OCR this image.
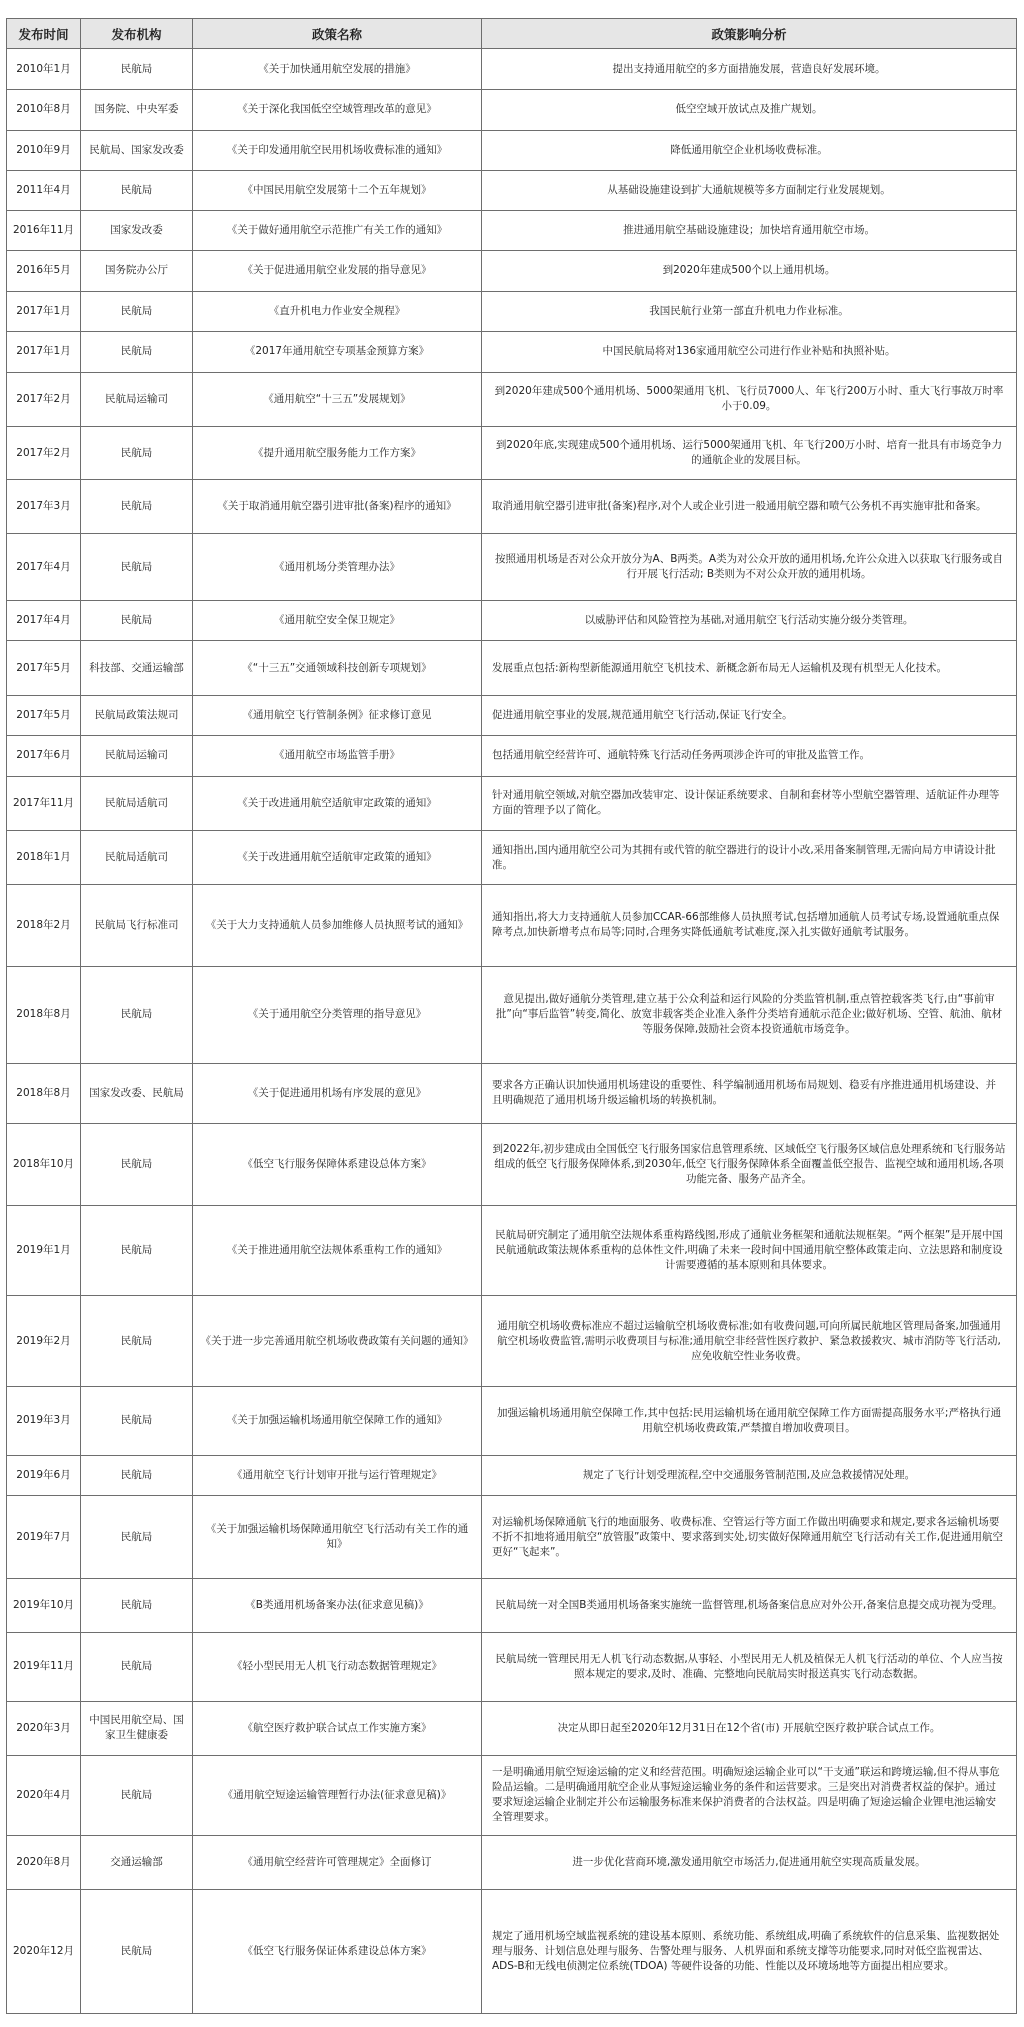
发布时间	发布机构	政策名称	政策影响分析
2010年1月	民航局	《关于加快通用航空发展的措施》	提出支持通用航空的多方面措施发展，营造良好发展环境。
2010年8月	国务院、中央军委	《关于深化我国低空空域管理改革的意见》	低空空域开放试点及推广规划。
2010年9月	民航局、国家发改委	《关于印发通用航空民用机场收费标准的通知》	降低通用航空企业机场收费标准。
2011年4月	民航局	《中国民用航空发展第十二个五年规划》	从基础设施建设到扩大通航规模等多方面制定行业发展规划。
2016年11月	国家发改委	《关于做好通用航空示范推广有关工作的通知》	推进通用航空基础设施建设；加快培育通用航空市场。
2016年5月	国务院办公厅	《关于促进通用航空业发展的指导意见》	到2020年建成500个以上通用机场。
2017年1月	民航局	《直升机电力作业安全规程》	我国民航行业第一部直升机电力作业标准。
2017年1月	民航局	《2017年通用航空专项基金预算方案》	中国民航局将对136家通用航空公司进行作业补贴和执照补贴。
2017年2月	民航局运输司	《通用航空“十三五”发展规划》	到2020年建成500个通用机场、5000架通用飞机、飞行员7000人、年飞行200万小时、重大飞行事故万时率小于0.09。
2017年2月	民航局	《提升通用航空服务能力工作方案》	到2020年底,实现建成500个通用机场、运行5000架通用飞机、年飞行200万小时、培育一批具有市场竞争力的通航企业的发展目标。
2017年3月	民航局	《关于取消通用航空器引进审批(备案)程序的通知》	取消通用航空器引进审批(备案)程序,对个人或企业引进一般通用航空器和喷气公务机不再实施审批和备案。
2017年4月	民航局	《通用机场分类管理办法》	按照通用机场是否对公众开放分为A、B两类。A类为对公众开放的通用机场,允许公众进入以获取飞行服务或自行开展飞行活动; B类则为不对公众开放的通用机场。
2017年4月	民航局	《通用航空安全保卫规定》	以威胁评估和风险管控为基础,对通用航空飞行活动实施分级分类管理。
2017年5月	科技部、交通运输部	《“十三五”交通领域科技创新专项规划》	发展重点包括:新构型新能源通用航空飞机技术、新概念新布局无人运输机及现有机型无人化技术。
2017年5月	民航局政策法规司	《通用航空飞行管制条例》征求修订意见	促进通用航空事业的发展,规范通用航空飞行活动,保证飞行安全。
2017年6月	民航局运输司	《通用航空市场监管手册》	包括通用航空经营许可、通航特殊飞行活动任务两项涉企许可的审批及监管工作。
2017年11月	民航局适航司	《关于改进通用航空适航审定政策的通知》	针对通用航空领域,对航空器加改装审定、设计保证系统要求、自制和套材等小型航空器管理、适航证件办理等方面的管理予以了简化。
2018年1月	民航局适航司	《关于改进通用航空适航审定政策的通知》	通知指出,国内通用航空公司为其拥有或代管的航空器进行的设计小改,采用备案制管理,无需向局方申请设计批准。
2018年2月	民航局飞行标准司	《关于大力支持通航人员参加维修人员执照考试的通知》	通知指出,将大力支持通航人员参加CCAR-66部维修人员执照考试,包括增加通航人员考试专场,设置通航重点保障考点,加快新增考点布局等;同时,合理务实降低通航考试难度,深入扎实做好通航考试服务。
2018年8月	民航局	《关于通用航空分类管理的指导意见》	意见提出,做好通航分类管理,建立基于公众利益和运行风险的分类监管机制,重点管控载客类飞行,由“事前审批”向“事后监管”转变,简化、放宽非载客类企业准入条件分类培育通航示范企业;做好机场、空管、航油、航材等服务保障,鼓励社会资本投资通航市场竞争。
2018年8月	国家发改委、民航局	《关于促进通用机场有序发展的意见》	要求各方正确认识加快通用机场建设的重要性、科学编制通用机场布局规划、稳妥有序推进通用机场建设、并且明确规范了通用机场升级运输机场的转换机制。
2018年10月	民航局	《低空飞行服务保障体系建设总体方案》	到2022年,初步建成由全国低空飞行服务国家信息管理系统、区域低空飞行服务区域信息处理系统和飞行服务站组成的低空飞行服务保障体系,到2030年,低空飞行服务保障体系全面覆盖低空报告、监视空域和通用机场,各项功能完备、服务产品齐全。
2019年1月	民航局	《关于推进通用航空法规体系重构工作的通知》	民航局研究制定了通用航空法规体系重构路线图,形成了通航业务框架和通航法规框架。“两个框架”是开展中国民航通航政策法规体系重构的总体性文件,明确了未来一段时间中国通用航空整体政策走向、立法思路和制度设计需要遵循的基本原则和具体要求。
2019年2月	民航局	《关于进一步完善通用航空机场收费政策有关问题的通知》	通用航空机场收费标准应不超过运输航空机场收费标准;如有收费问题,可向所属民航地区管理局备案,加强通用航空机场收费监管,需明示收费项目与标准;通用航空非经营性医疗救护、紧急救援救灾、城市消防等飞行活动,应免收航空性业务收费。
2019年3月	民航局	《关于加强运输机场通用航空保障工作的通知》	加强运输机场通用航空保障工作,其中包括:民用运输机场在通用航空保障工作方面需提高服务水平;严格执行通用航空机场收费政策,严禁擅自增加收费项目。
2019年6月	民航局	《通用航空飞行计划审开批与运行管理规定》	规定了飞行计划受理流程,空中交通服务管制范围,及应急救援情况处理。
2019年7月	民航局	《关于加强运输机场保障通用航空飞行活动有关工作的通知》	对运输机场保障通航飞行的地面服务、收费标准、空管运行等方面工作做出明确要求和规定,要求各运输机场要不折不扣地将通用航空“放管服”政策中、要求落到实处,切实做好保障通用航空飞行活动有关工作,促进通用航空更好“飞起来”。
2019年10月	民航局	《B类通用机场备案办法(征求意见稿)》	民航局统一对全国B类通用机场备案实施统一监督管理,机场备案信息应对外公开,备案信息提交成功视为受理。
2019年11月	民航局	《轻小型民用无人机飞行动态数据管理规定》	民航局统一管理民用无人机飞行动态数据,从事轻、小型民用无人机及植保无人机飞行活动的单位、个人应当按照本规定的要求,及时、准确、完整地向民航局实时报送真实飞行动态数据。
2020年3月	中国民用航空局、国家卫生健康委	《航空医疗救护联合试点工作实施方案》	决定从即日起至2020年12月31日在12个省(市) 开展航空医疗救护联合试点工作。
2020年4月	民航局	《通用航空短途运输管理暂行办法(征求意见稿)》	一是明确通用航空短途运输的定义和经营范围。明确短途运输企业可以“干支通”联运和跨境运输,但不得从事危险品运输。二是明确通用航空企业从事短途运输业务的条件和运营要求。三是突出对消费者权益的保护。通过要求短途运输企业制定并公布运输服务标准来保护消费者的合法权益。四是明确了短途运输企业锂电池运输安全管理要求。
2020年8月	交通运输部	《通用航空经营许可管理规定》全面修订	进一步优化营商环境,激发通用航空市场活力,促进通用航空实现高质量发展。
2020年12月	民航局	《低空飞行服务保证体系建设总体方案》	规定了通用机场空域监视系统的建设基本原则、系统功能、系统组成,明确了系统软件的信息采集、监视数据处理与服务、计划信息处理与服务、告警处理与服务、人机界面和系统支撑等功能要求,同时对低空监视雷达、ADS-B和无线电侦测定位系统(TDOA) 等硬件设备的功能、性能以及环境场地等方面提出相应要求。
